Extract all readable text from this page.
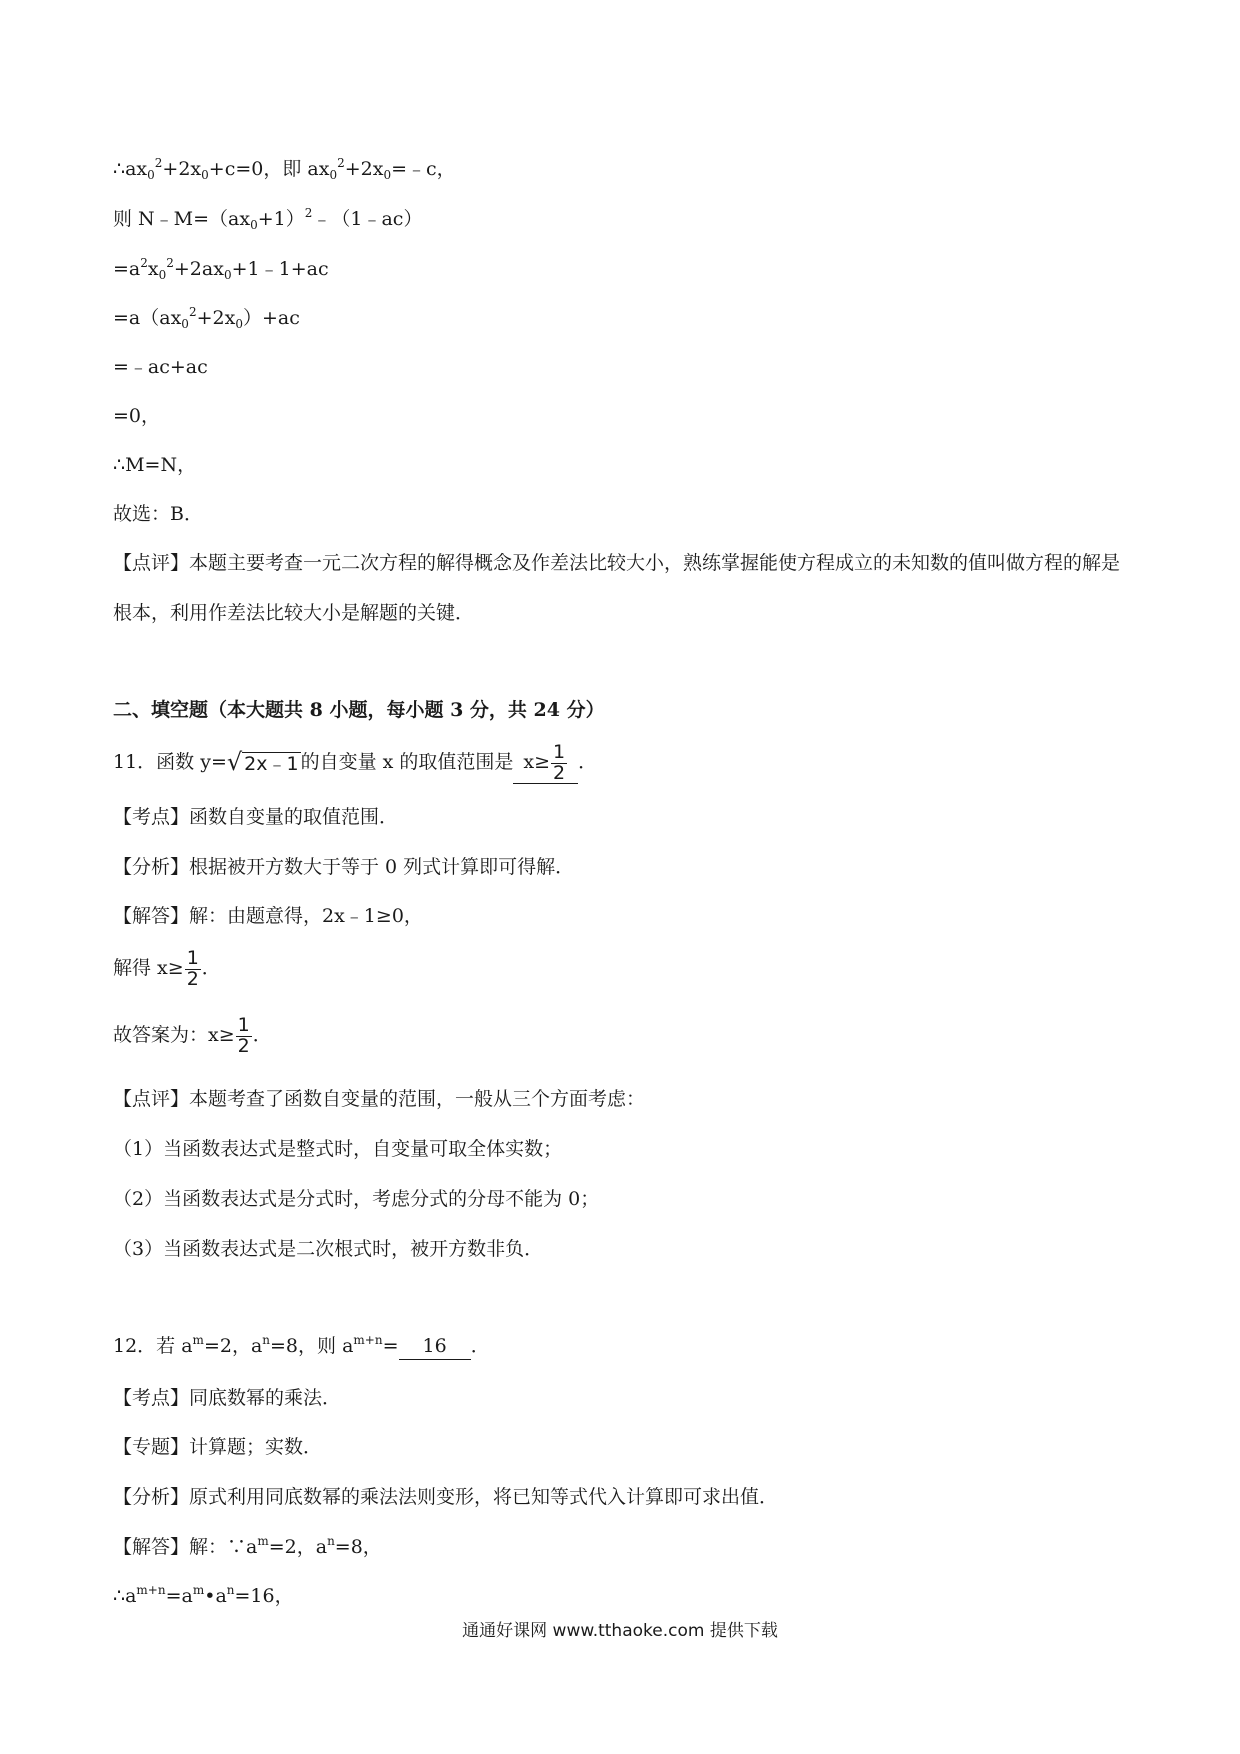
$\therefore ax_0^2+2x_0+c=0$，即 $ax_0^2+2x_0=﹣c$，
则 $N﹣M=(ax_0+1)^2﹣(1﹣ac)$
$=a^2x_0^2+2ax_0+1﹣1+ac$
$=a(ax_0^2+2x_0)+ac$
=﹣ac+ac
=0，
∴M=N，
故选：B．
【点评】本题主要考查一元二次方程的解得概念及作差法比较大小，熟练掌握能使方程成立的未知数的值叫做方程的解是根本，利用作差法比较大小是解题的关键．
二、填空题（本大题共 8 小题，每小题 3 分，共 24 分）
11．函数 y=√ 2x﹣1 的自变量 x 的取值范围是 $x\ge \frac{1}{2}$ ．
【考点】函数自变量的取值范围．
【分析】根据被开方数大于等于 0 列式计算即可得解．
【解答】解：由题意得，2x﹣1≥0，
解得 $x\ge \frac{1}{2}$ ．
故答案为：$x\ge \frac{1}{2}$ ．
【点评】本题考查了函数自变量的范围，一般从三个方面考虑：
（1）当函数表达式是整式时，自变量可取全体实数；
（2）当函数表达式是分式时，考虑分式的分母不能为 0；
（3）当函数表达式是二次根式时，被开方数非负．
12．若 $a^m=2$，$a^n=8$，则 $a^{m+n}= 16$ ．
【考点】同底数幂的乘法．
【专题】计算题；实数．
【分析】原式利用同底数幂的乘法法则变形，将已知等式代入计算即可求出值．
【解答】解：$\because a^m=2$，$a^n=8$，
$\therefore a^{m+n}=a^m•a^n=16$，
通通好课网 www.tthaoke.com 提供下载
